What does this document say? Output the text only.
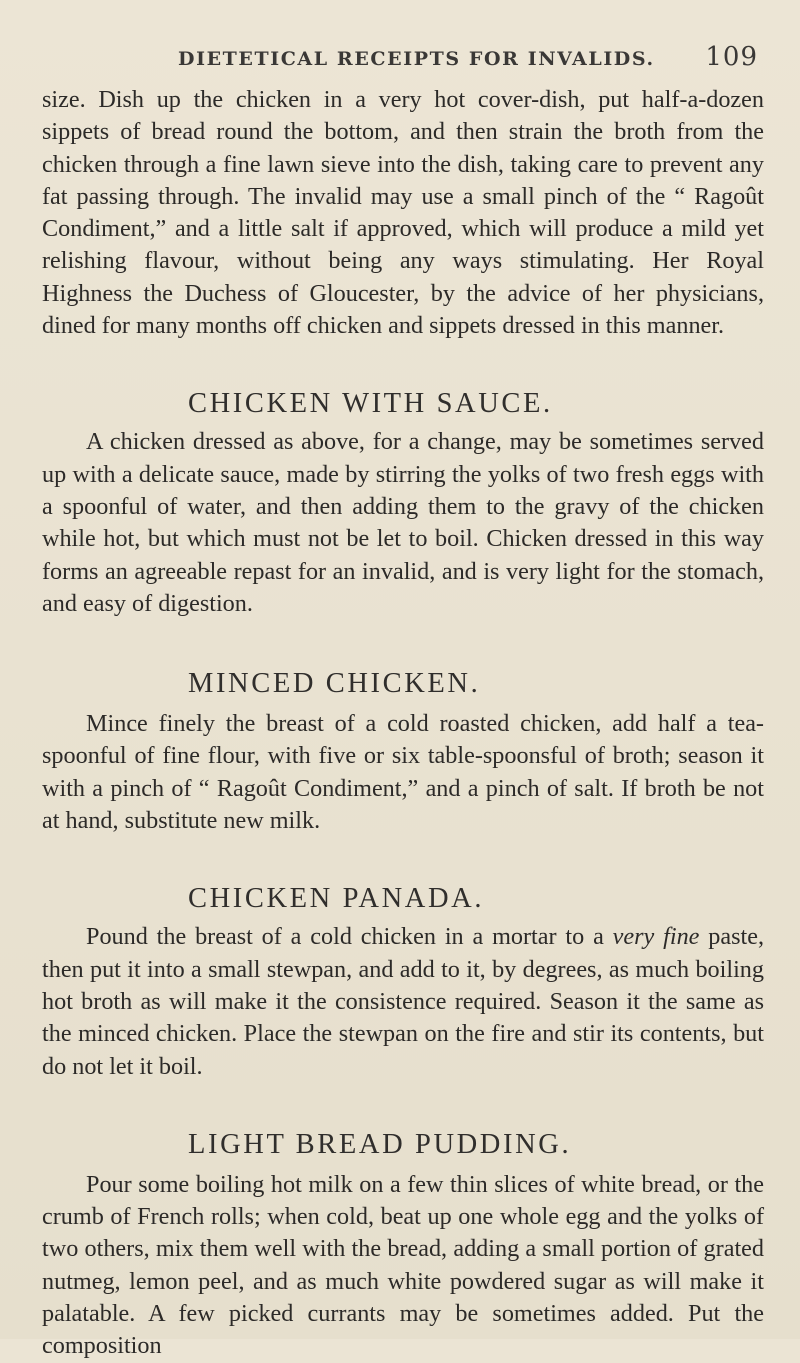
DIETETICAL RECEIPTS FOR INVALIDS. 109

size. Dish up the chicken in a very hot cover-dish, put half-a-dozen sippets of bread round the bottom, and then strain the broth from the chicken through a fine lawn sieve into the dish, taking care to prevent any fat passing through. The invalid may use a small pinch of the “ Ragoût Condiment,” and a little salt if approved, which will produce a mild yet relishing flavour, without being any ways stimulating. Her Royal Highness the Duchess of Gloucester, by the advice of her physicians, dined for many months off chicken and sippets dressed in this manner.

CHICKEN WITH SAUCE.

A chicken dressed as above, for a change, may be sometimes served up with a delicate sauce, made by stirring the yolks of two fresh eggs with a spoonful of water, and then adding them to the gravy of the chicken while hot, but which must not be let to boil. Chicken dressed in this way forms an agreeable repast for an invalid, and is very light for the stomach, and easy of digestion.

MINCED CHICKEN.

Mince finely the breast of a cold roasted chicken, add half a tea-spoonful of fine flour, with five or six table-spoonsful of broth; season it with a pinch of “ Ragoût Condiment,” and a pinch of salt. If broth be not at hand, substitute new milk.

CHICKEN PANADA.

Pound the breast of a cold chicken in a mortar to a very fine paste, then put it into a small stewpan, and add to it, by degrees, as much boiling hot broth as will make it the consistence required. Season it the same as the minced chicken. Place the stewpan on the fire and stir its contents, but do not let it boil.

LIGHT BREAD PUDDING.

Pour some boiling hot milk on a few thin slices of white bread, or the crumb of French rolls; when cold, beat up one whole egg and the yolks of two others, mix them well with the bread, adding a small portion of grated nutmeg, lemon peel, and as much white powdered sugar as will make it palatable. A few picked currants may be sometimes added. Put the composition
